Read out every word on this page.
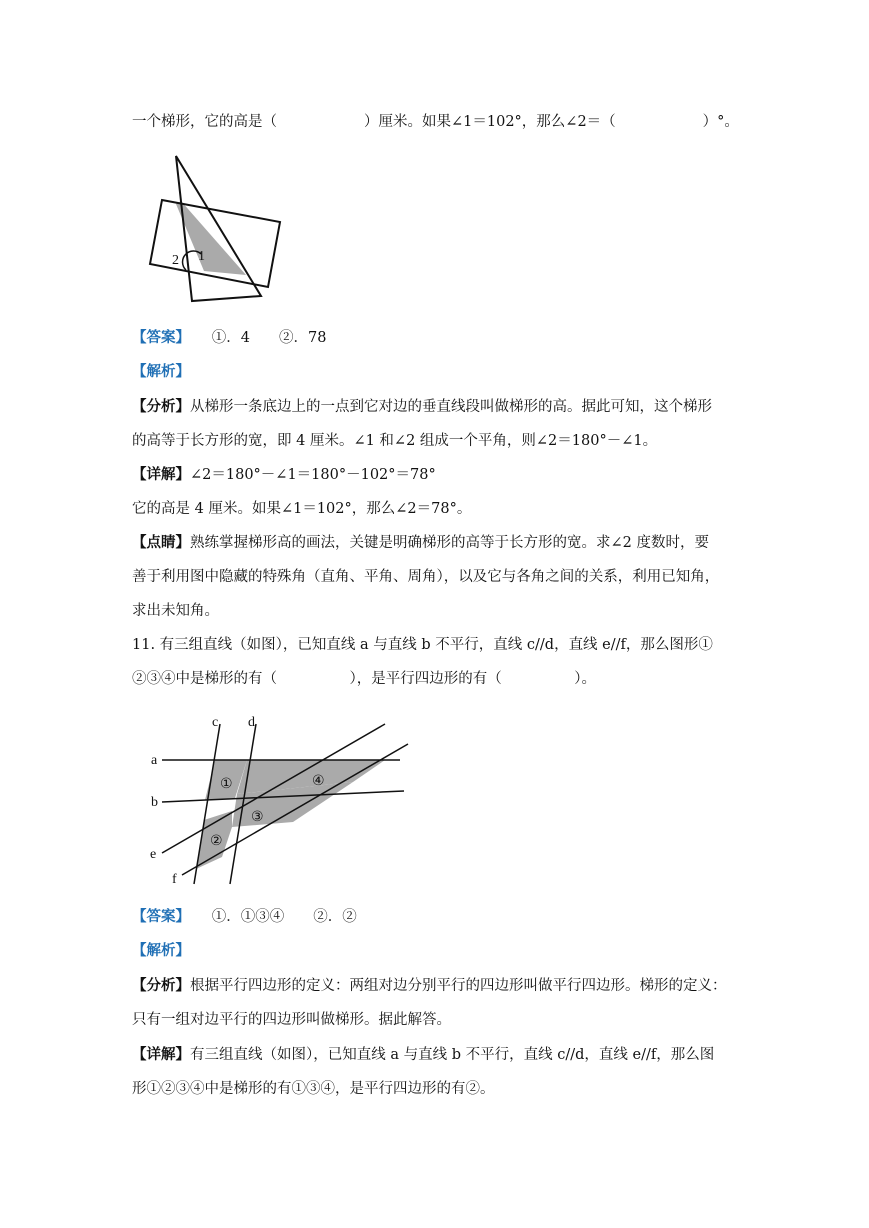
一个梯形，它的高是（　　　　　　）厘米。如果∠1＝102°，那么∠2＝（　　　　　　）°。
2 1
【答案】　　 ①．4　　②．78
【解析】
【分析】从梯形一条底边上的一点到它对边的垂直线段叫做梯形的高。据此可知，这个梯形
的高等于长方形的宽，即 4 厘米。∠1 和∠2 组成一个平角，则∠2＝180°－∠1。
【详解】∠2＝180°－∠1＝180°－102°＝78°
它的高是 4 厘米。如果∠1＝102°，那么∠2＝78°。
【点睛】熟练掌握梯形高的画法，关键是明确梯形的高等于长方形的宽。求∠2 度数时，要
善于利用图中隐藏的特殊角（直角、平角、周角），以及它与各角之间的关系，利用已知角，
求出未知角。
11. 有三组直线（如图），已知直线 a 与直线 b 不平行，直线 c//d，直线 e//f，那么图形①
②③④中是梯形的有（　　　　　），是平行四边形的有（　　　　　）。
a
b
c d
e
f
①	④
③
②
【答案】　　 ①．①③④　　②．②
【解析】
【分析】根据平行四边形的定义：两组对边分别平行的四边形叫做平行四边形。梯形的定义：
只有一组对边平行的四边形叫做梯形。据此解答。
【详解】有三组直线（如图），已知直线 a 与直线 b 不平行，直线 c//d，直线 e//f，那么图
形①②③④中是梯形的有①③④，是平行四边形的有②。
